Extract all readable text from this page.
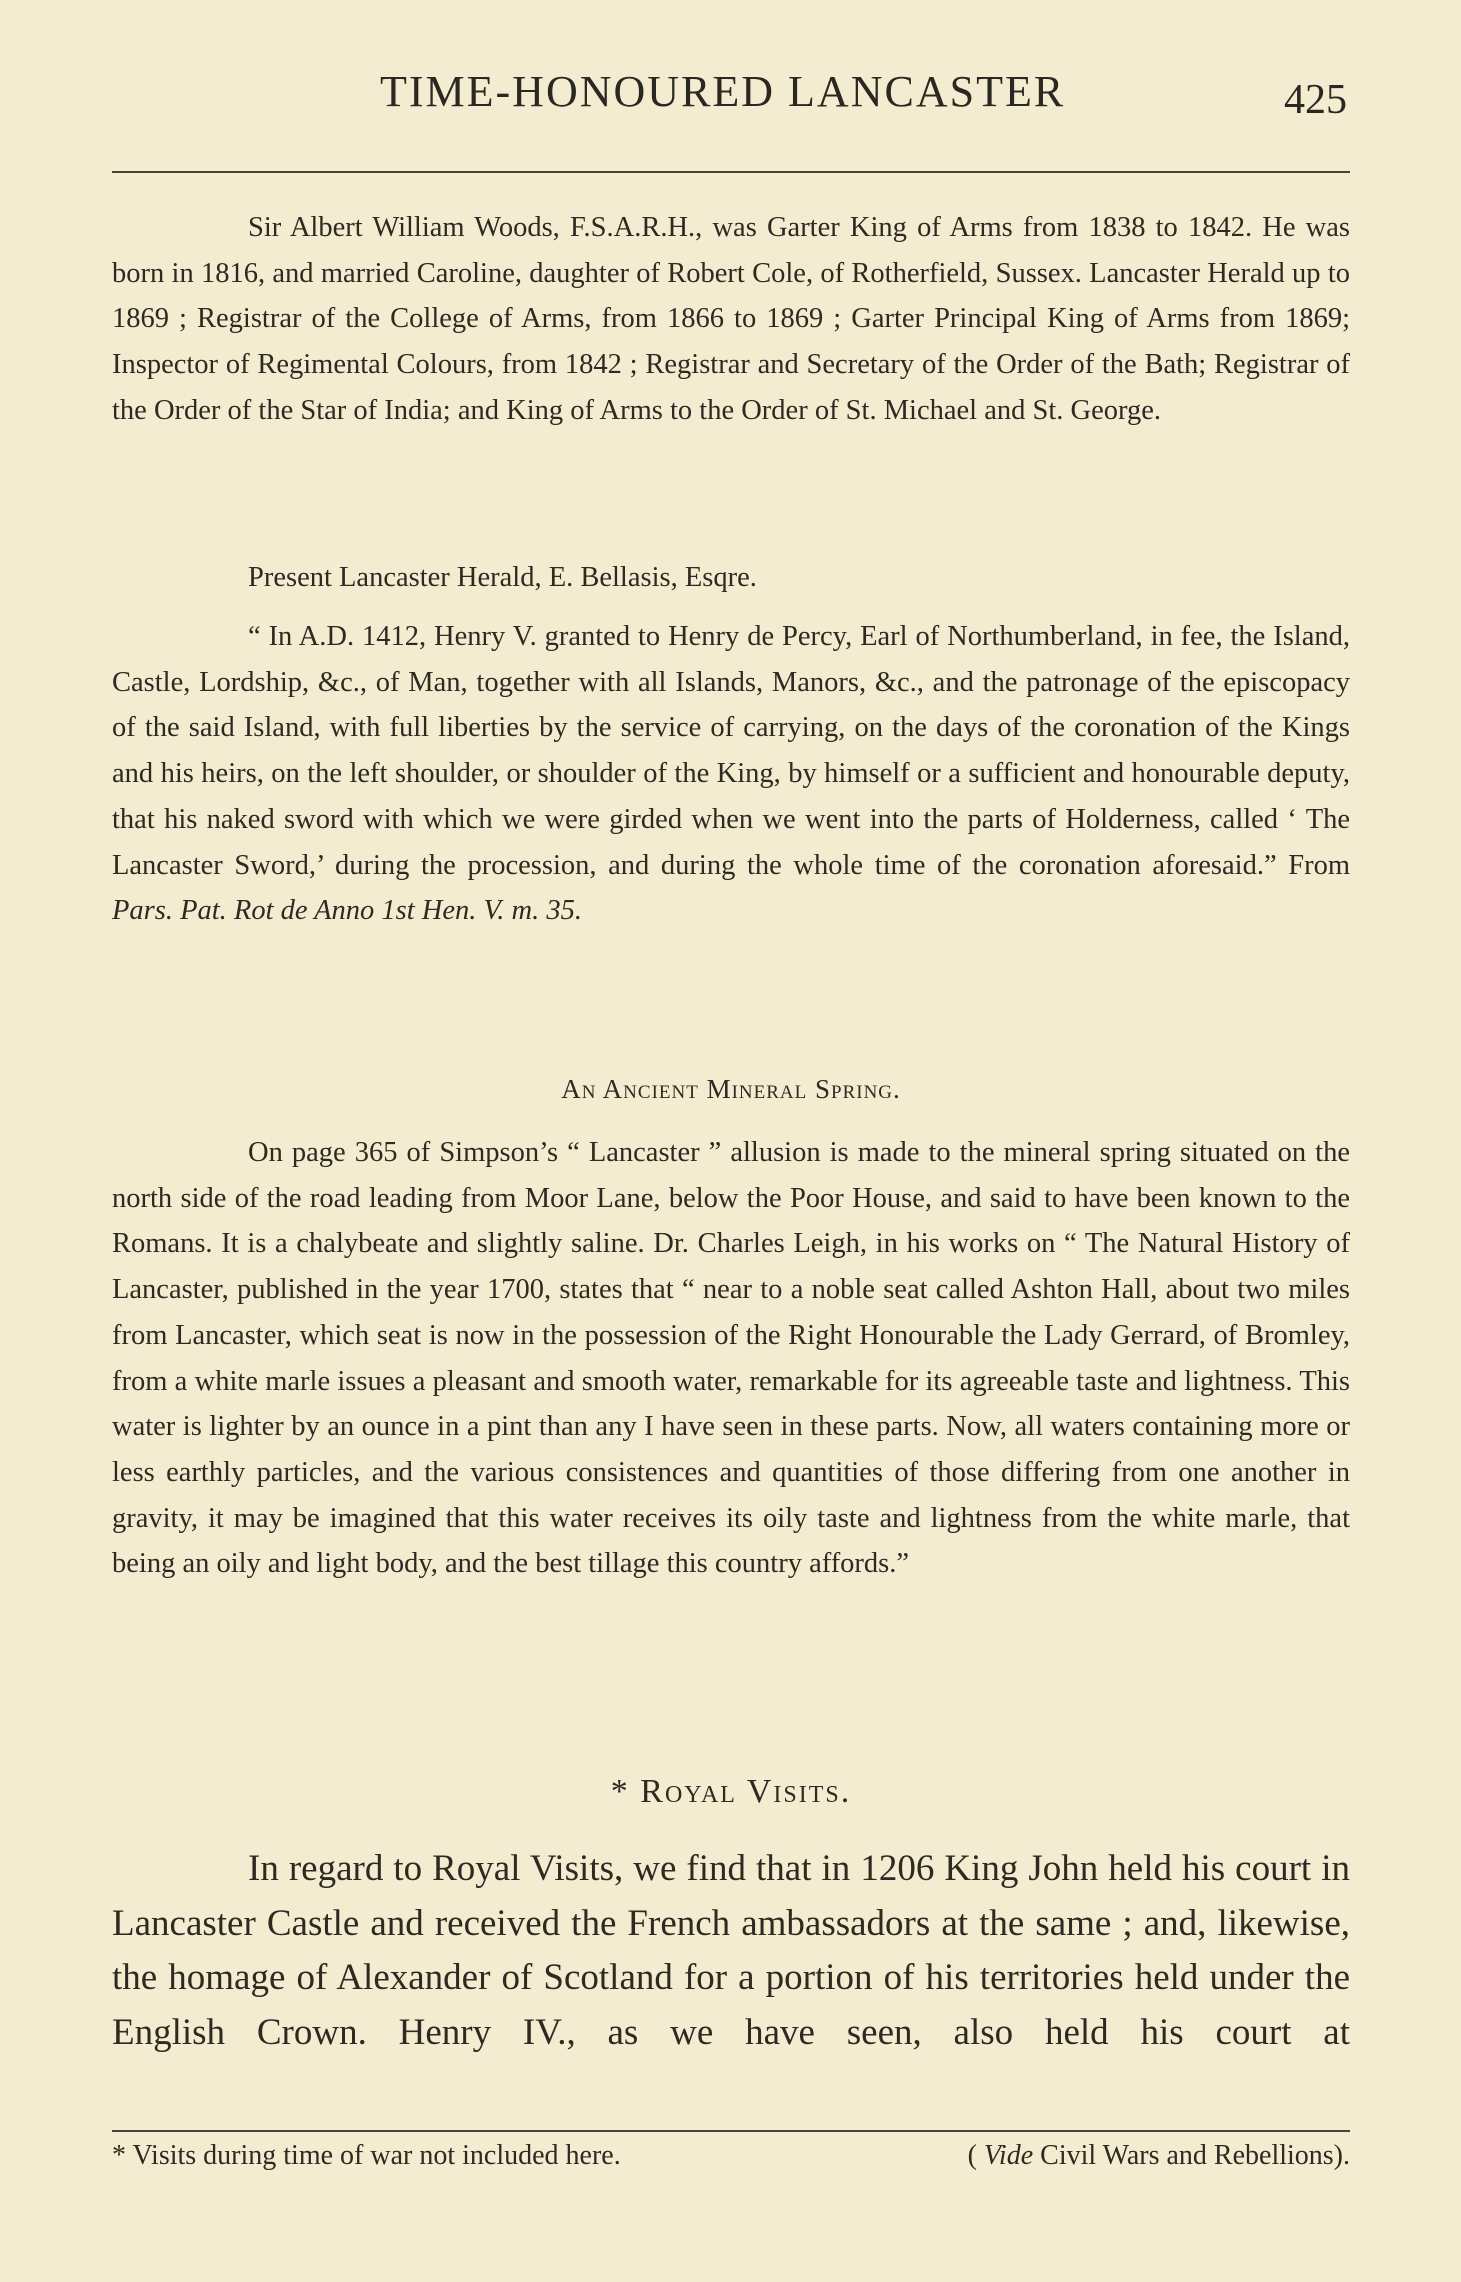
TIME-HONOURED LANCASTER	425

Sir Albert William Woods, F.S.A.R.H., was Garter King of Arms from 1838 to 1842. He was born in 1816, and married Caroline, daughter of Robert Cole, of Rotherfield, Sussex. Lancaster Herald up to 1869 ; Registrar of the College of Arms, from 1866 to 1869 ; Garter Principal King of Arms from 1869; Inspector of Regimental Colours, from 1842 ; Registrar and Secretary of the Order of the Bath; Registrar of the Order of the Star of India; and King of Arms to the Order of St. Michael and St. George.

Present Lancaster Herald, E. Bellasis, Esqre.

“ In A.D. 1412, Henry V. granted to Henry de Percy, Earl of Northumberland, in fee, the Island, Castle, Lordship, &c., of Man, together with all Islands, Manors, &c., and the patronage of the episcopacy of the said Island, with full liberties by the service of carrying, on the days of the coronation of the Kings and his heirs, on the left shoulder, or shoulder of the King, by himself or a sufficient and honourable deputy, that his naked sword with which we were girded when we went into the parts of Holderness, called ‘ The Lancaster Sword,’ during the procession, and during the whole time of the coronation aforesaid.” From Pars. Pat. Rot de Anno 1st Hen. V. m. 35.

An Ancient Mineral Spring.

On page 365 of Simpson’s “ Lancaster ” allusion is made to the mineral spring situated on the north side of the road leading from Moor Lane, below the Poor House, and said to have been known to the Romans. It is a chalybeate and slightly saline. Dr. Charles Leigh, in his works on “ The Natural History of Lancaster, published in the year 1700, states that “ near to a noble seat called Ashton Hall, about two miles from Lancaster, which seat is now in the possession of the Right Honourable the Lady Gerrard, of Bromley, from a white marle issues a pleasant and smooth water, remarkable for its agreeable taste and lightness. This water is lighter by an ounce in a pint than any I have seen in these parts. Now, all waters containing more or less earthly particles, and the various consistences and quantities of those differing from one another in gravity, it may be imagined that this water receives its oily taste and lightness from the white marle, that being an oily and light body, and the best tillage this country affords.”

* Royal Visits.

In regard to Royal Visits, we find that in 1206 King John held his court in Lancaster Castle and received the French ambassadors at the same ; and, likewise, the homage of Alexander of Scotland for a portion of his territories held under the English Crown. Henry IV., as we have seen, also held his court at

* Visits during time of war not included here.	( Vide Civil Wars and Rebellions).
